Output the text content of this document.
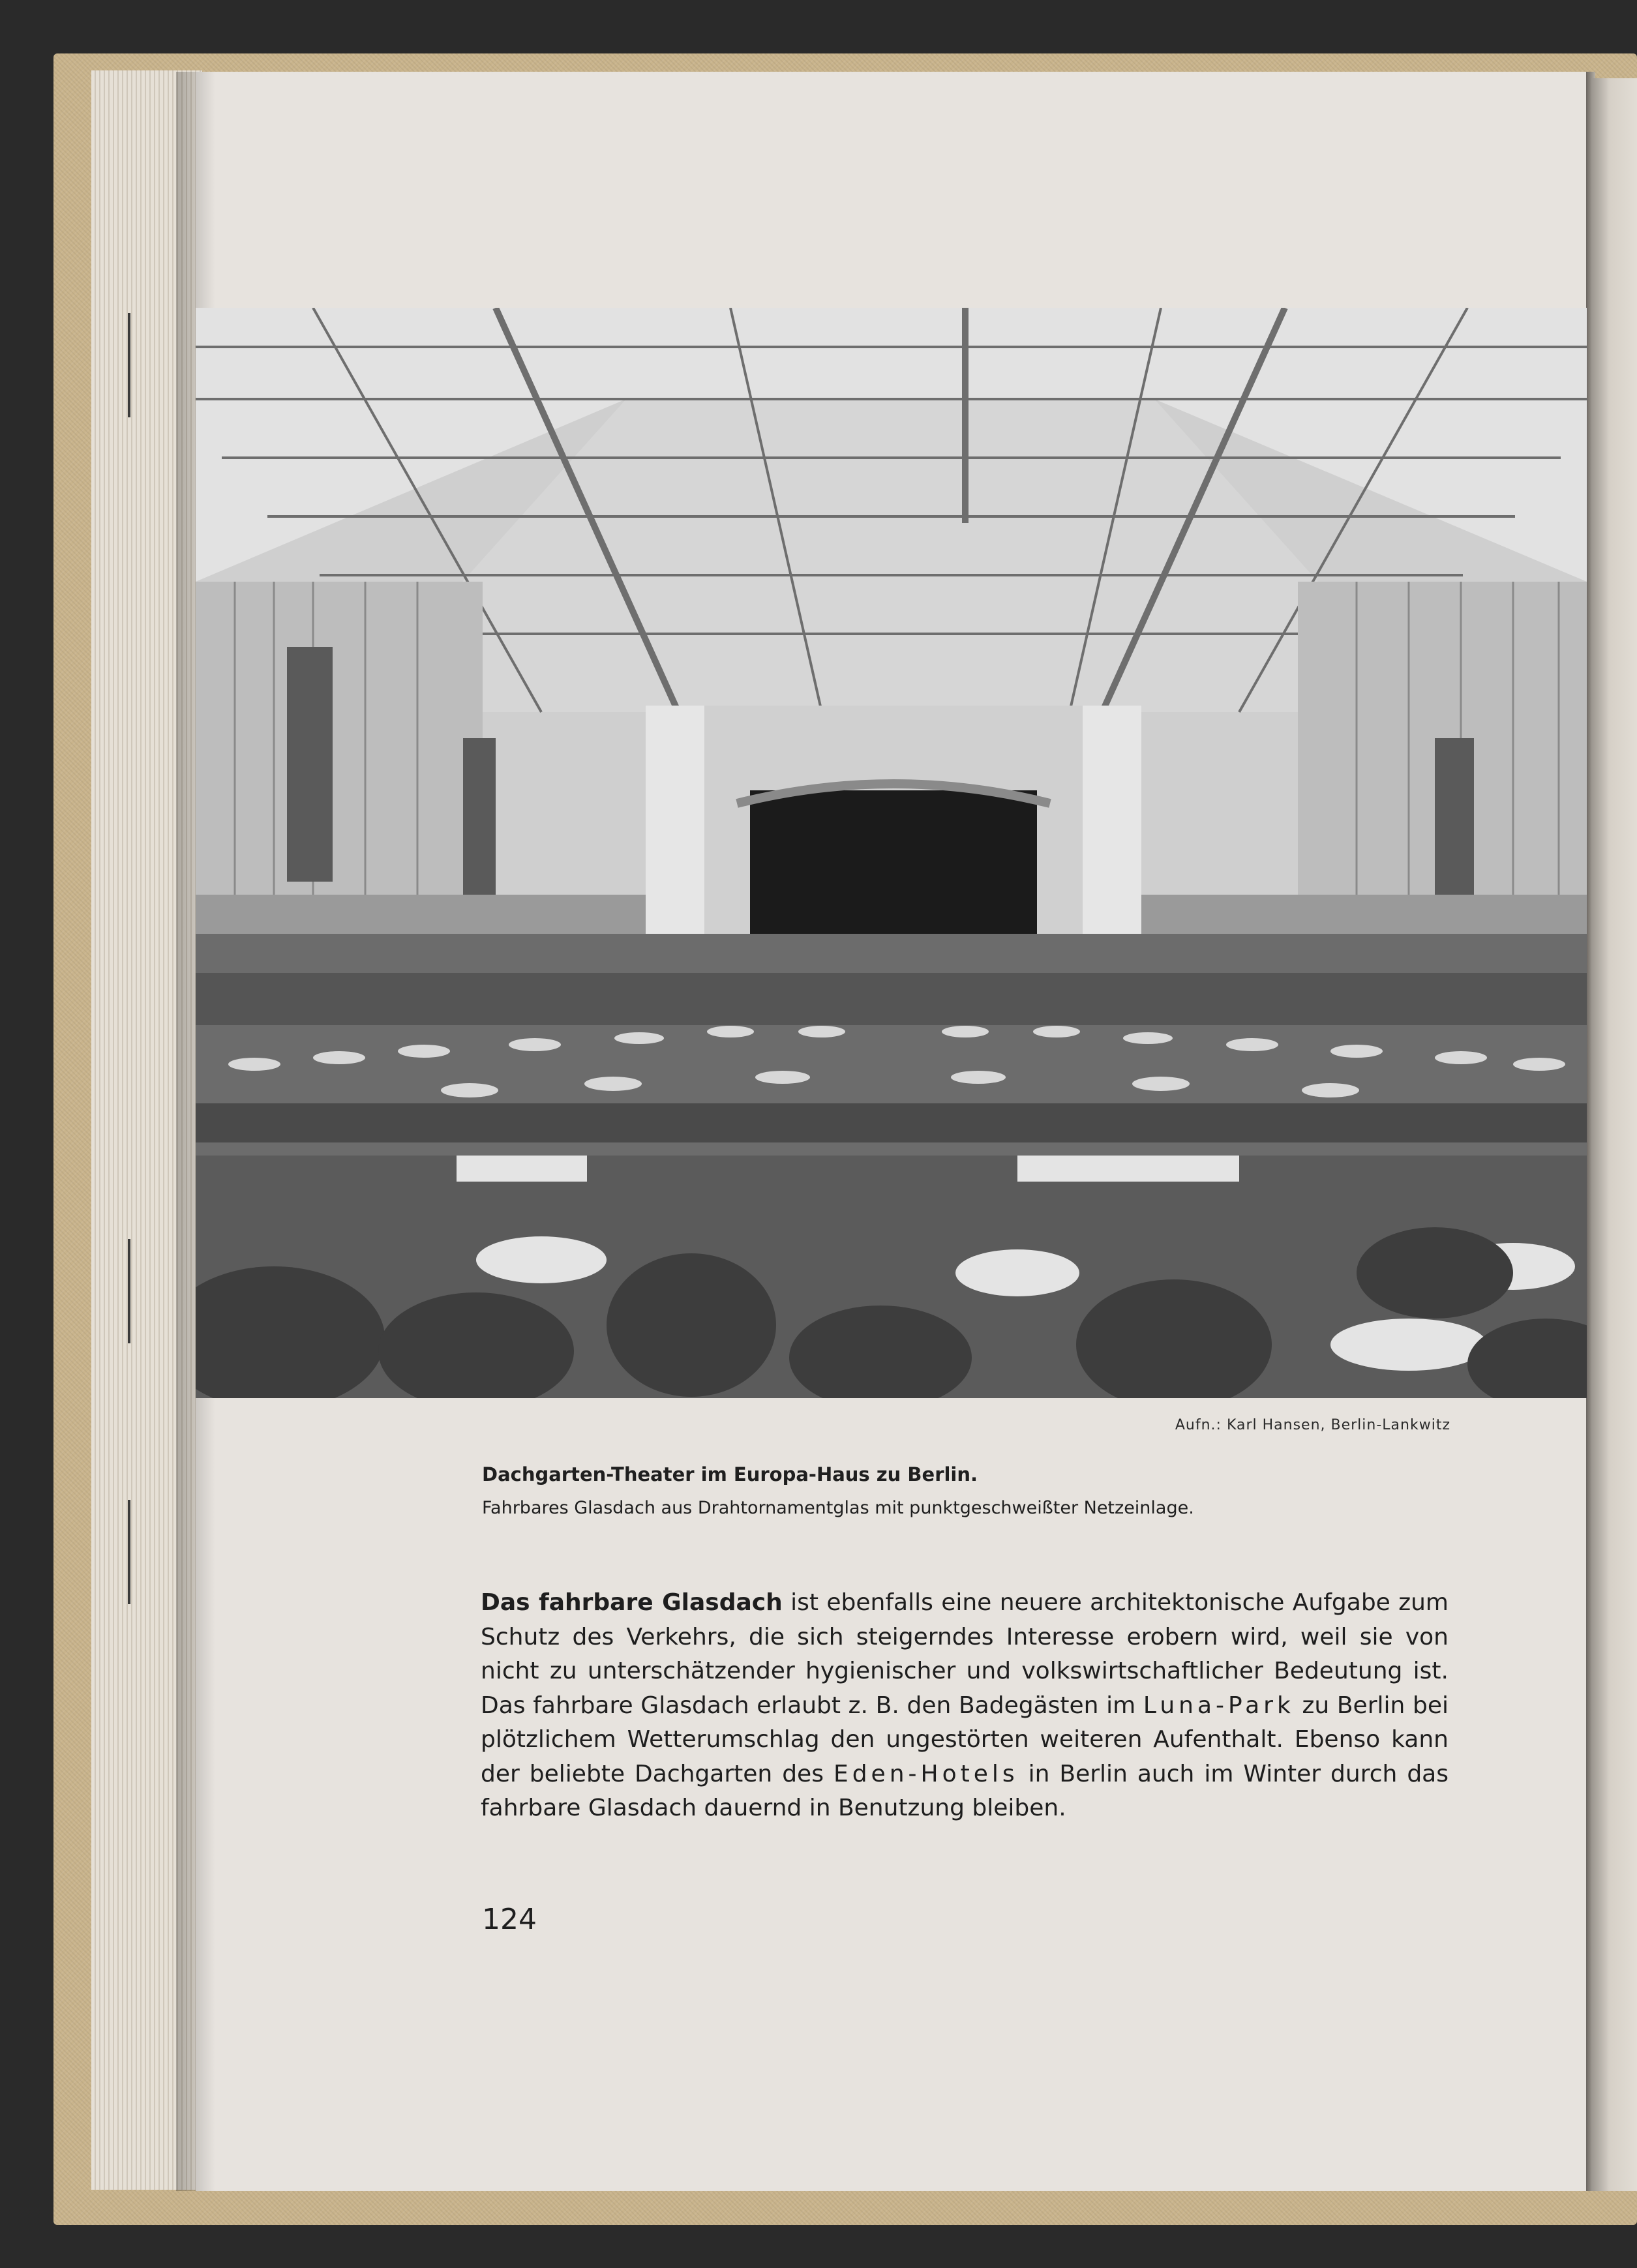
Aufn.: Karl Hansen, Berlin-Lankwitz
Dachgarten-Theater im Europa-Haus zu Berlin.
Fahrbares Glasdach aus Drahtornamentglas mit punktgeschweißter Netzeinlage.
Das fahrbare Glasdach ist ebenfalls eine neuere architektonische Aufgabe zum Schutz des Verkehrs, die sich steigerndes Interesse erobern wird, weil sie von nicht zu unterschätzender hygienischer und volkswirtschaftlicher Bedeutung ist. Das fahrbare Glasdach erlaubt z. B. den Badegästen im Luna-Park zu Berlin bei plötzlichem Wetterumschlag den ungestörten weiteren Aufenthalt. Ebenso kann der beliebte Dachgarten des Eden-Hotels in Berlin auch im Winter durch das fahrbare Glasdach dauernd in Benutzung bleiben.
124
